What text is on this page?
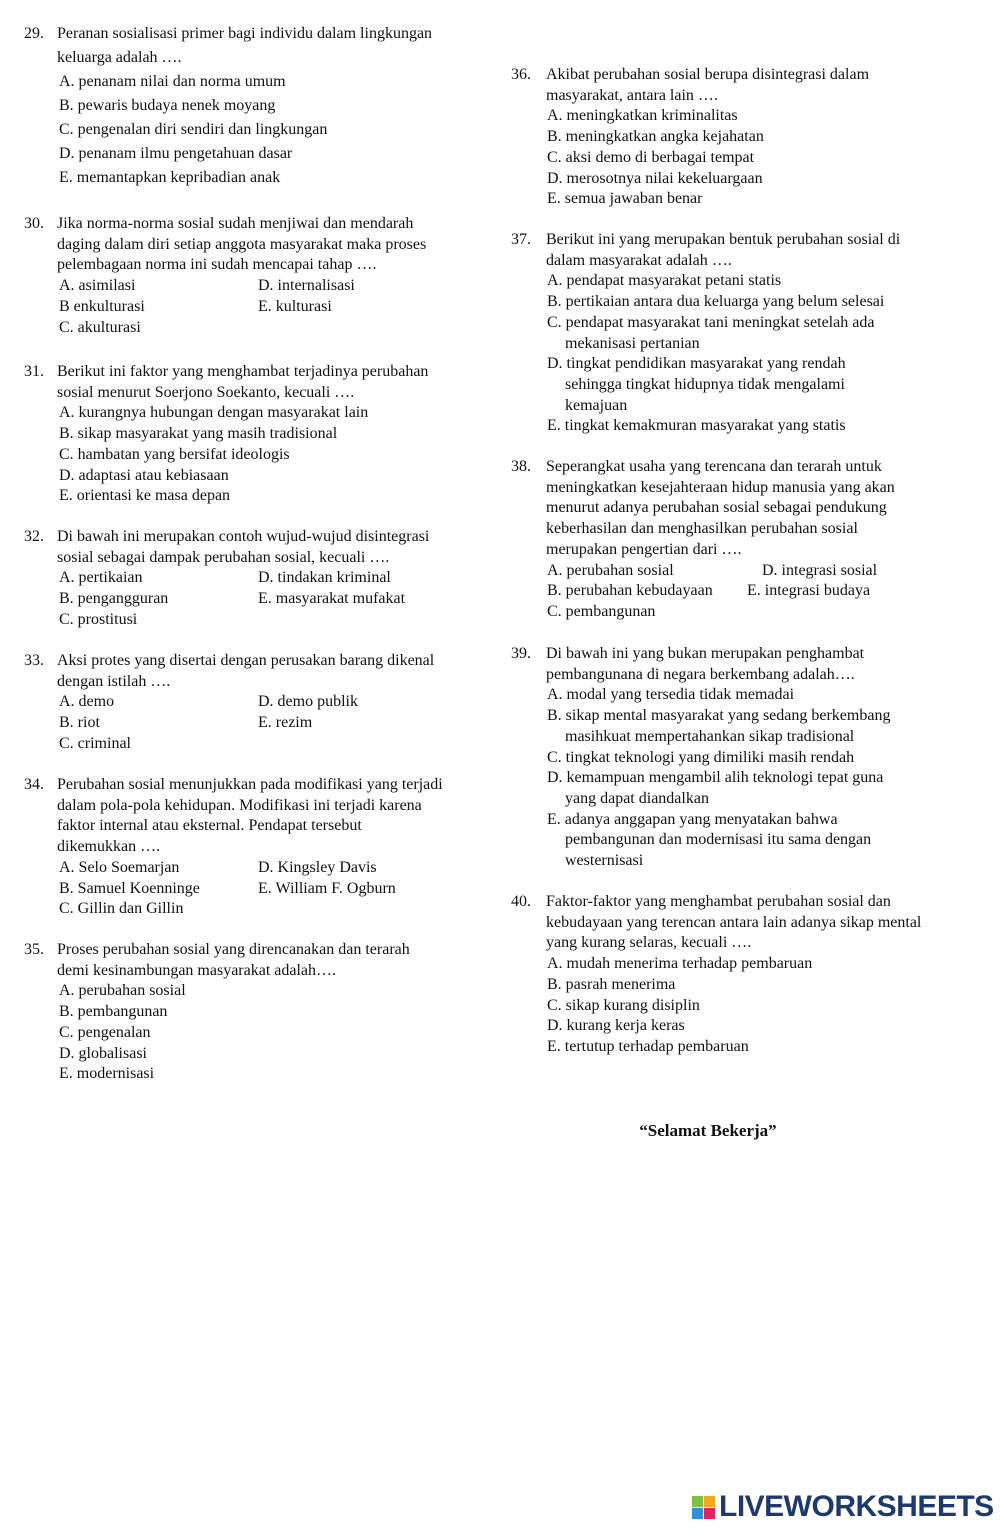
29. Peranan sosialisasi primer bagi individu dalam lingkungan
keluarga adalah ….
A. penanam nilai dan norma umum
B. pewaris budaya nenek moyang
C. pengenalan diri sendiri dan lingkungan
D. penanam ilmu pengetahuan dasar
E. memantapkan kepribadian anak
30. Jika norma-norma sosial sudah menjiwai dan mendarah
daging dalam diri setiap anggota masyarakat maka proses
pelembagaan norma ini sudah mencapai tahap ….
A. asimilasi	D. internalisasi
B enkulturasi	E. kulturasi
C. akulturasi
31. Berikut ini faktor yang menghambat terjadinya perubahan
sosial menurut Soerjono Soekanto, kecuali ….
A. kurangnya hubungan dengan masyarakat lain
B. sikap masyarakat yang masih tradisional
C. hambatan yang bersifat ideologis
D. adaptasi atau kebiasaan
E. orientasi ke masa depan
32. Di bawah ini merupakan contoh wujud-wujud disintegrasi
sosial sebagai dampak perubahan sosial, kecuali ….
A. pertikaian	D. tindakan kriminal
B. pengangguran	E. masyarakat mufakat
C. prostitusi
33. Aksi protes yang disertai dengan perusakan barang dikenal
dengan istilah ….
A. demo	D. demo publik
B. riot	E. rezim
C. criminal
34. Perubahan sosial menunjukkan pada modifikasi yang terjadi
dalam pola-pola kehidupan. Modifikasi ini terjadi karena
faktor internal atau eksternal. Pendapat tersebut
dikemukkan ….
A. Selo Soemarjan	D. Kingsley Davis
B. Samuel Koenninge	E. William F. Ogburn
C. Gillin dan Gillin
35. Proses perubahan sosial yang direncanakan dan terarah
demi kesinambungan masyarakat adalah….
A. perubahan sosial
B. pembangunan
C. pengenalan
D. globalisasi
E. modernisasi
36. Akibat perubahan sosial berupa disintegrasi dalam
masyarakat, antara lain ….
A. meningkatkan kriminalitas
B. meningkatkan angka kejahatan
C. aksi demo di berbagai tempat
D. merosotnya nilai kekeluargaan
E. semua jawaban benar
37. Berikut ini yang merupakan bentuk perubahan sosial di
dalam masyarakat adalah ….
A. pendapat masyarakat petani statis
B. pertikaian antara dua keluarga yang belum selesai
C. pendapat masyarakat tani meningkat setelah ada
mekanisasi pertanian
D. tingkat pendidikan masyarakat yang rendah
sehingga tingkat hidupnya tidak mengalami
kemajuan
E. tingkat kemakmuran masyarakat yang statis
38. Seperangkat usaha yang terencana dan terarah untuk
meningkatkan kesejahteraan hidup manusia yang akan
menurut adanya perubahan sosial sebagai pendukung
keberhasilan dan menghasilkan perubahan sosial
merupakan pengertian dari ….
A. perubahan sosial	D. integrasi sosial
B. perubahan kebudayaan E. integrasi budaya
C. pembangunan
39. Di bawah ini yang bukan merupakan penghambat
pembangunana di negara berkembang adalah….
A. modal yang tersedia tidak memadai
B. sikap mental masyarakat yang sedang berkembang
masihkuat mempertahankan sikap tradisional
C. tingkat teknologi yang dimiliki masih rendah
D. kemampuan mengambil alih teknologi tepat guna
yang dapat diandalkan
E. adanya anggapan yang menyatakan bahwa
pembangunan dan modernisasi itu sama dengan
westernisasi
40. Faktor-faktor yang menghambat perubahan sosial dan
kebudayaan yang terencan antara lain adanya sikap mental
yang kurang selaras, kecuali ….
A. mudah menerima terhadap pembaruan
B. pasrah menerima
C. sikap kurang disiplin
D. kurang kerja keras
E. tertutup terhadap pembaruan
“Selamat Bekerja”
LIVEWORKSHEETS
